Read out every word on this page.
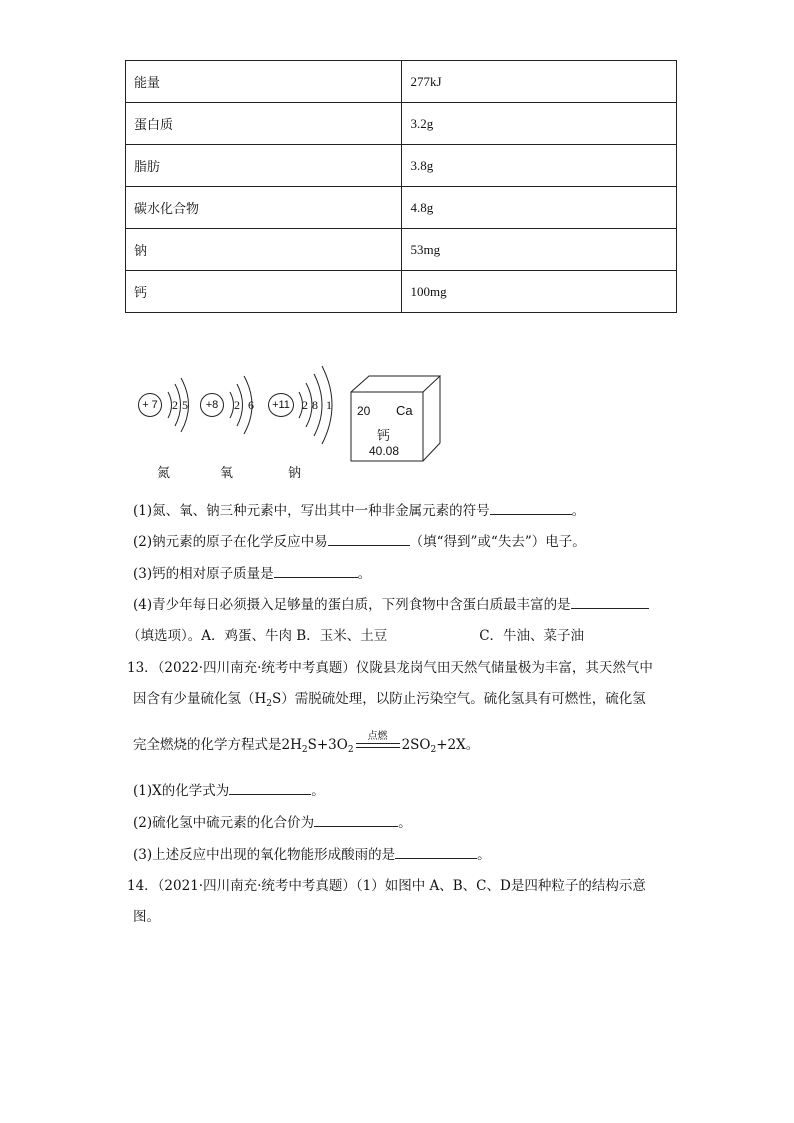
能量	277kJ
蛋白质	3.2g
脂肪	3.8g
碳水化合物	4.8g
钠	53mg
钙	100mg
+ 7	2 5	+8	2 6	+11	2 8 1
氮	氧	钠
20 Ca
钙
40.08
(1)氮、氧、钠三种元素中，写出其中一种非金属元素的符号	。
(2)钠元素的原子在化学反应中易	（填“得到”或“失去”）电子。
(3)钙的相对原子质量是	。
(4)青少年每日必须摄入足够量的蛋白质，下列食物中含蛋白质最丰富的是
（填选项）。A．鸡蛋、牛肉 B．玉米、土豆	C．牛油、菜子油
13．（2022·四川南充·统考中考真题）仪陇县龙岗气田天然气储量极为丰富，其天然气中
因含有少量硫化氢$(H_2S)$需脱硫处理，以防止污染空气。硫化氢具有可燃性，硫化氢
完全燃烧的化学方程式是$2H_2S+3O_2$
点燃
$2SO_2+2X$。
(1)X的化学式为	。
(2)硫化氢中硫元素的化合价为	。
(3)上述反应中出现的氧化物能形成酸雨的是	。
14．（2021·四川南充·统考中考真题）（1）如图中 A、B、C、D是四种粒子的结构示意
图。
